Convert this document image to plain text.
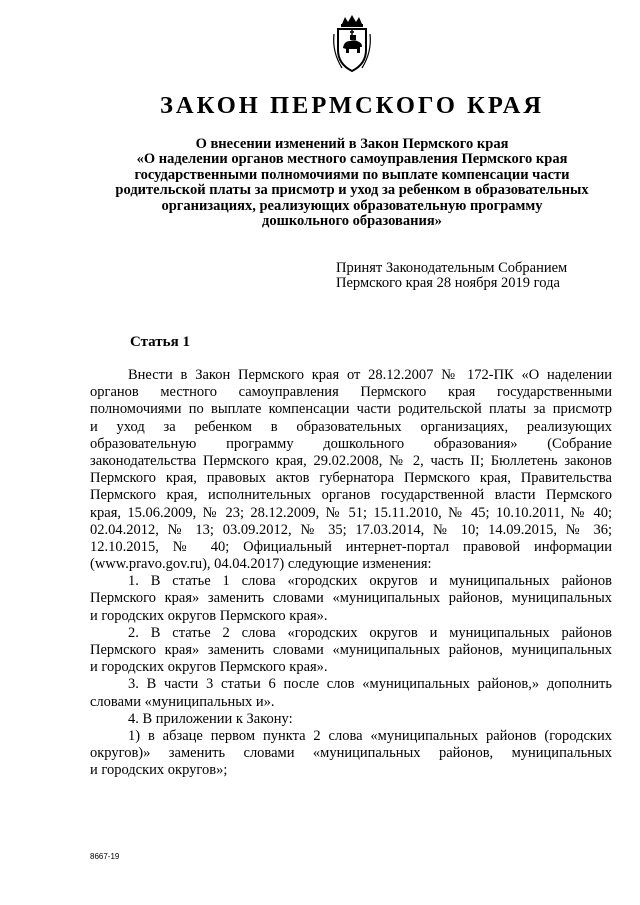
ЗАКОН ПЕРМСКОГО КРАЯ
О внесении изменений в Закон Пермского края
«О наделении органов местного самоуправления Пермского края
государственными полномочиями по выплате компенсации части
родительской платы за присмотр и уход за ребенком в образовательных
организациях, реализующих образовательную программу
дошкольного образования»
Принят Законодательным Собранием
Пермского края 28 ноября 2019 года
Статья 1
Внести в Закон Пермского края от 28.12.2007 № 172-ПК «О наделении
органов местного самоуправления Пермского края государственными
полномочиями по выплате компенсации части родительской платы за присмотр
и уход за ребенком в образовательных организациях, реализующих
образовательную программу дошкольного образования» (Собрание
законодательства Пермского края, 29.02.2008, № 2, часть II; Бюллетень законов
Пермского края, правовых актов губернатора Пермского края, Правительства
Пермского края, исполнительных органов государственной власти Пермского
края, 15.06.2009, № 23; 28.12.2009, № 51; 15.11.2010, № 45; 10.10.2011, № 40;
02.04.2012, № 13; 03.09.2012, № 35; 17.03.2014, № 10; 14.09.2015, № 36;
12.10.2015, № 40; Официальный интернет-портал правовой информации
(www.pravo.gov.ru), 04.04.2017) следующие изменения:
1. В статье 1 слова «городских округов и муниципальных районов
Пермского края» заменить словами «муниципальных районов, муниципальных
и городских округов Пермского края».
2. В статье 2 слова «городских округов и муниципальных районов
Пермского края» заменить словами «муниципальных районов, муниципальных
и городских округов Пермского края».
3. В части 3 статьи 6 после слов «муниципальных районов,» дополнить
словами «муниципальных и».
4. В приложении к Закону:
1) в абзаце первом пункта 2 слова «муниципальных районов (городских
округов)» заменить словами «муниципальных районов, муниципальных
и городских округов»;
8667-19
